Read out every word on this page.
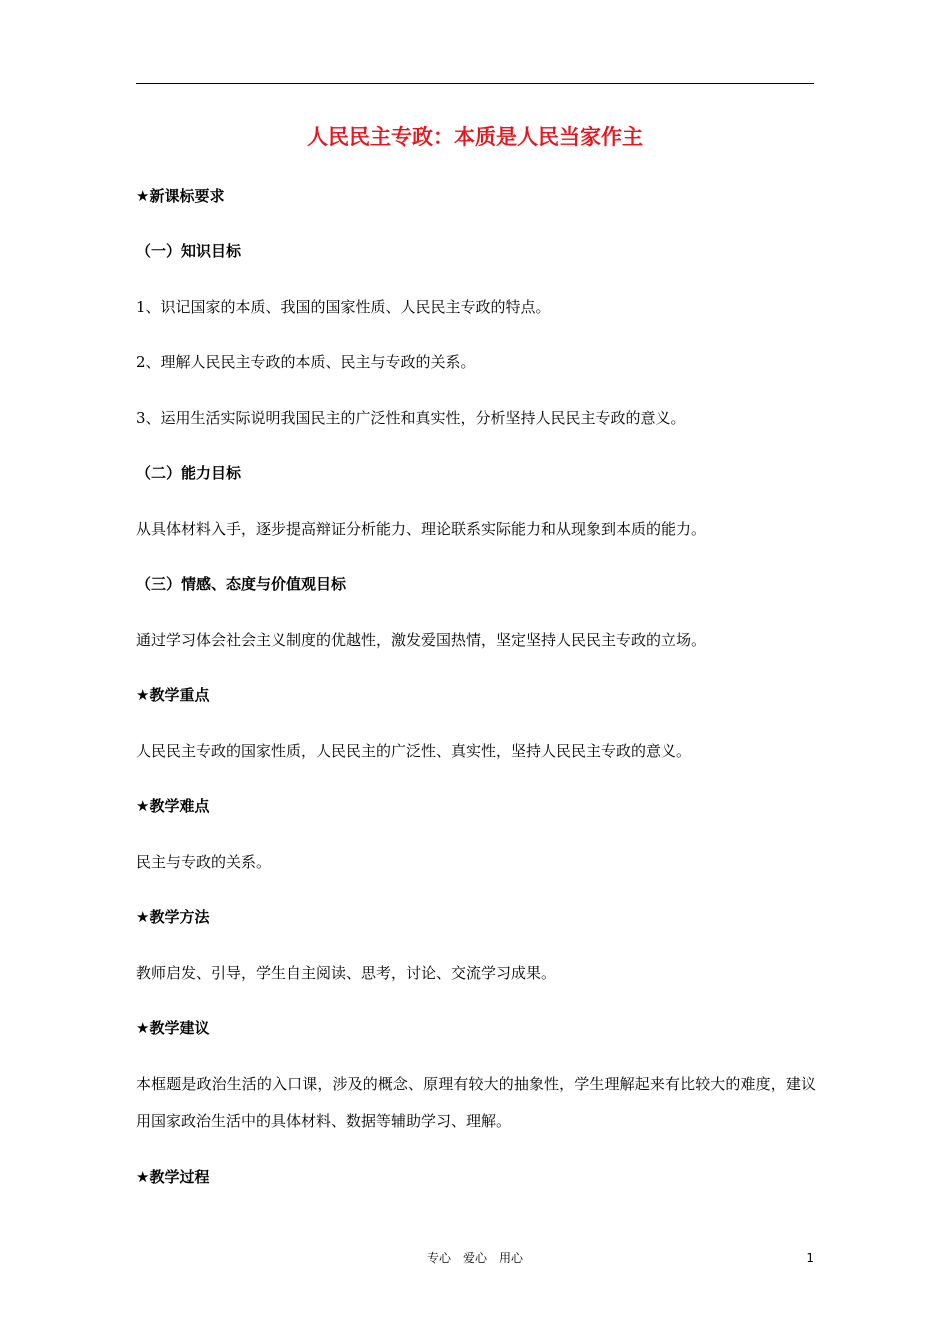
人民民主专政：本质是人民当家作主
★新课标要求
（一）知识目标
1、识记国家的本质、我国的国家性质、人民民主专政的特点。
2、理解人民民主专政的本质、民主与专政的关系。
3、运用生活实际说明我国民主的广泛性和真实性，分析坚持人民民主专政的意义。
（二）能力目标
从具体材料入手，逐步提高辩证分析能力、理论联系实际能力和从现象到本质的能力。
（三）情感、态度与价值观目标
通过学习体会社会主义制度的优越性，激发爱国热情，坚定坚持人民民主专政的立场。
★教学重点
人民民主专政的国家性质，人民民主的广泛性、真实性，坚持人民民主专政的意义。
★教学难点
民主与专政的关系。
★教学方法
教师启发、引导，学生自主阅读、思考，讨论、交流学习成果。
★教学建议
本框题是政治生活的入口课，涉及的概念、原理有较大的抽象性，学生理解起来有比较大的难度，建议用国家政治生活中的具体材料、数据等辅助学习、理解。
★教学过程
专心　爱心　用心	1
